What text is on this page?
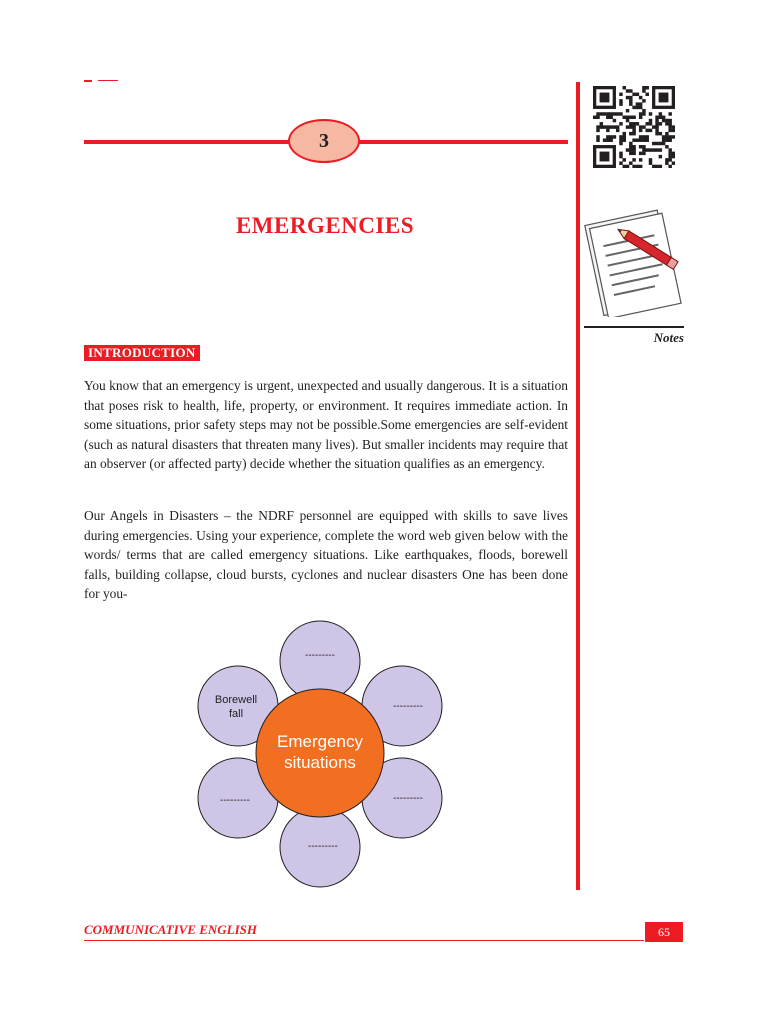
3
EMERGENCIES
INTRODUCTION
You know that an emergency is urgent, unexpected and usually dangerous. It is a situation that poses risk to health, life, property, or environment. It requires immediate action. In some situations, prior safety steps may not be possible.Some emergencies are self-evident (such as natural disasters that threaten many lives). But smaller incidents may require that an observer (or affected party) decide whether the situation qualifies as an emergency.
Our Angels in Disasters – the NDRF personnel are equipped with skills to save lives during emergencies. Using your experience, complete the word web given below with the words/ terms that are called emergency situations. Like earthquakes, floods, borewell falls, building collapse, cloud bursts, cyclones and nuclear disasters One has been done for you-
Notes
Emergency
situations
Borewell
fall
---------
---------
---------
---------
---------
COMMUNICATIVE ENGLISH	65
